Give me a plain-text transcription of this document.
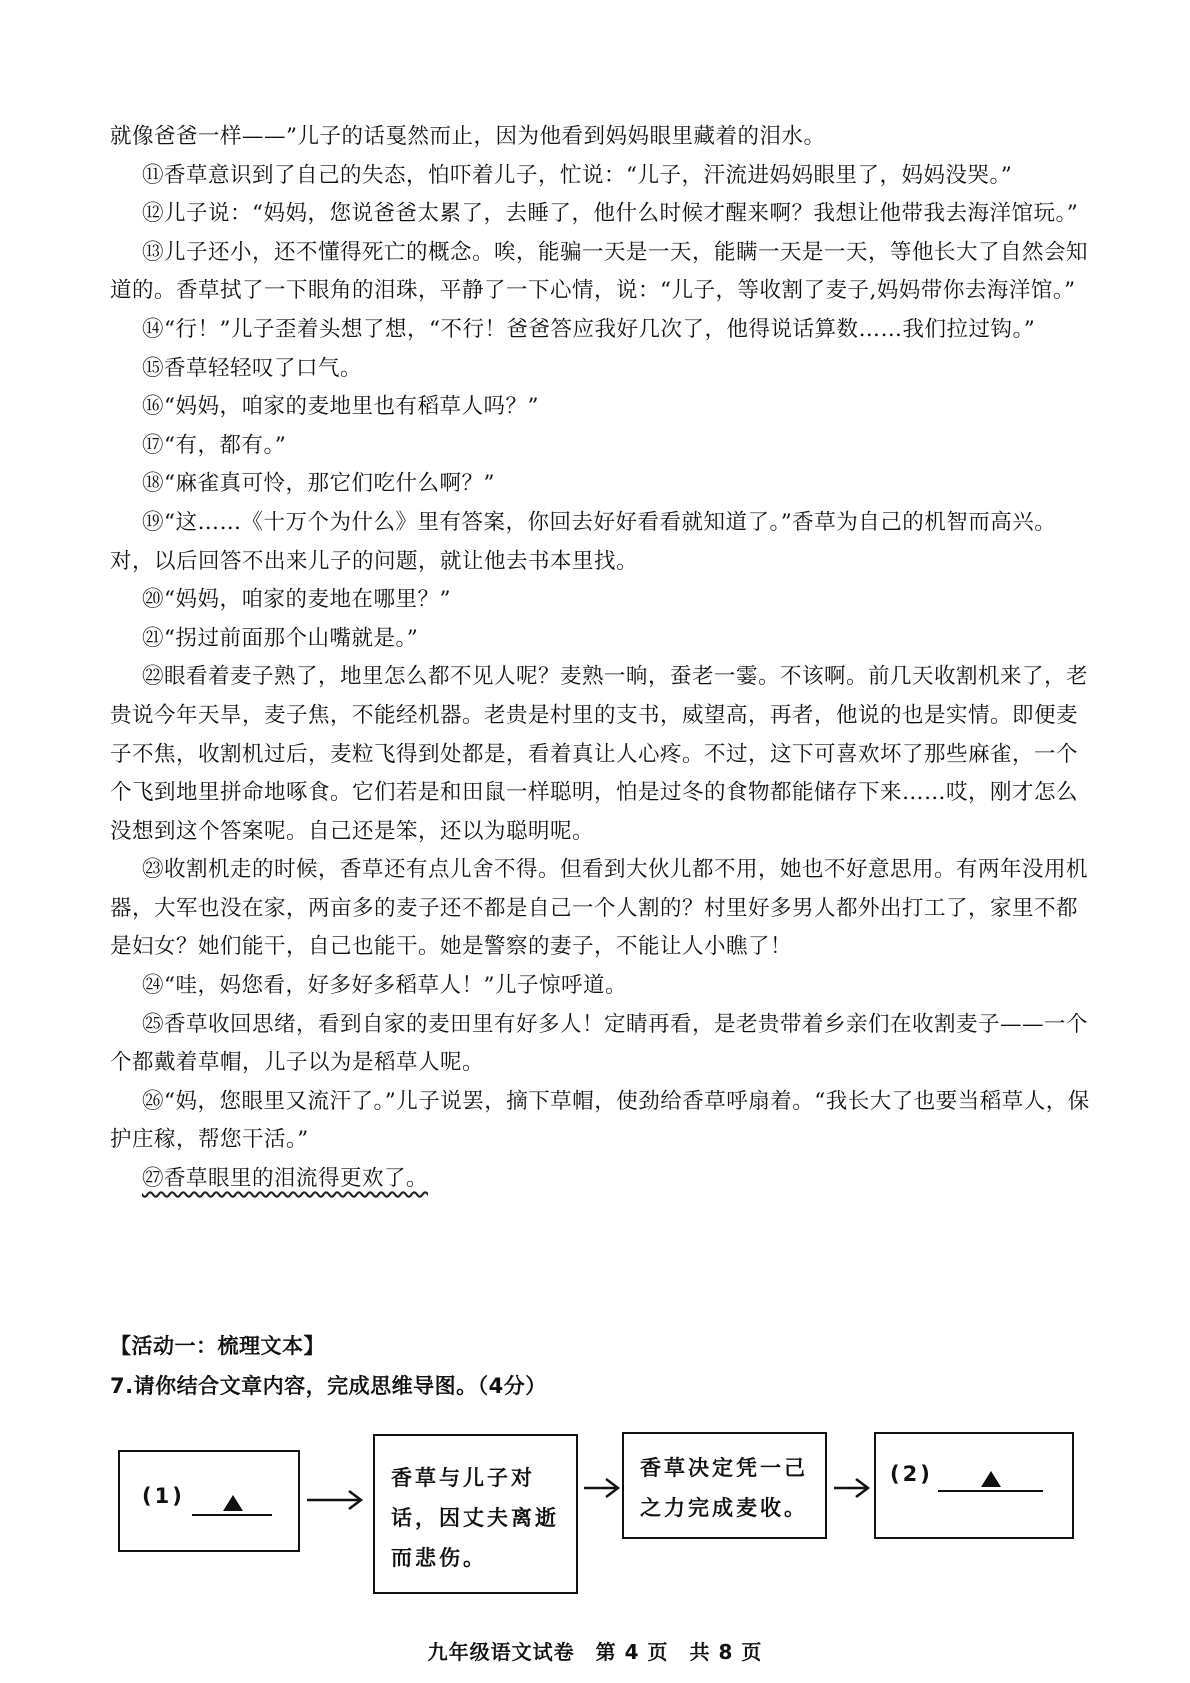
就像爸爸一样——”儿子的话戛然而止，因为他看到妈妈眼里藏着的泪水。

⑪香草意识到了自己的失态，怕吓着儿子，忙说：“儿子，汗流进妈妈眼里了，妈妈没哭。”

⑫儿子说：“妈妈，您说爸爸太累了，去睡了，他什么时候才醒来啊？我想让他带我去海洋馆玩。”

⑬儿子还小，还不懂得死亡的概念。唉，能骗一天是一天，能瞒一天是一天，等他长大了自然会知道的。香草拭了一下眼角的泪珠，平静了一下心情，说：“儿子，等收割了麦子,妈妈带你去海洋馆。”

⑭“行！”儿子歪着头想了想，“不行！爸爸答应我好几次了，他得说话算数……我们拉过钩。”

⑮香草轻轻叹了口气。

⑯“妈妈，咱家的麦地里也有稻草人吗？”

⑰“有，都有。”

⑱“麻雀真可怜，那它们吃什么啊？”

⑲“这……《十万个为什么》里有答案，你回去好好看看就知道了。”香草为自己的机智而高兴。对，以后回答不出来儿子的问题，就让他去书本里找。

⑳“妈妈，咱家的麦地在哪里？”

㉑“拐过前面那个山嘴就是。”

㉒眼看着麦子熟了，地里怎么都不见人呢？麦熟一晌，蚕老一霎。不该啊。前几天收割机来了，老贵说今年天旱，麦子焦，不能经机器。老贵是村里的支书，威望高，再者，他说的也是实情。即便麦子不焦，收割机过后，麦粒飞得到处都是，看着真让人心疼。不过，这下可喜欢坏了那些麻雀，一个个飞到地里拼命地啄食。它们若是和田鼠一样聪明，怕是过冬的食物都能储存下来……哎，刚才怎么没想到这个答案呢。自己还是笨，还以为聪明呢。

㉓收割机走的时候，香草还有点儿舍不得。但看到大伙儿都不用，她也不好意思用。有两年没用机器，大军也没在家，两亩多的麦子还不都是自己一个人割的？村里好多男人都外出打工了，家里不都是妇女？她们能干，自己也能干。她是警察的妻子，不能让人小瞧了！

㉔“哇，妈您看，好多好多稻草人！”儿子惊呼道。

㉕香草收回思绪，看到自家的麦田里有好多人！定睛再看，是老贵带着乡亲们在收割麦子——一个个都戴着草帽，儿子以为是稻草人呢。

㉖“妈，您眼里又流汗了。”儿子说罢，摘下草帽，使劲给香草呼扇着。“我长大了也要当稻草人，保护庄稼，帮您干活。”

㉗香草眼里的泪流得更欢了。

【活动一：梳理文本】
7.请你结合文章内容，完成思维导图。（4分）
(1)
香草与儿子对话，因丈夫离逝而悲伤。
香草决定凭一己之力完成麦收。
(2)
九年级语文试卷　第 4 页　共 8 页
